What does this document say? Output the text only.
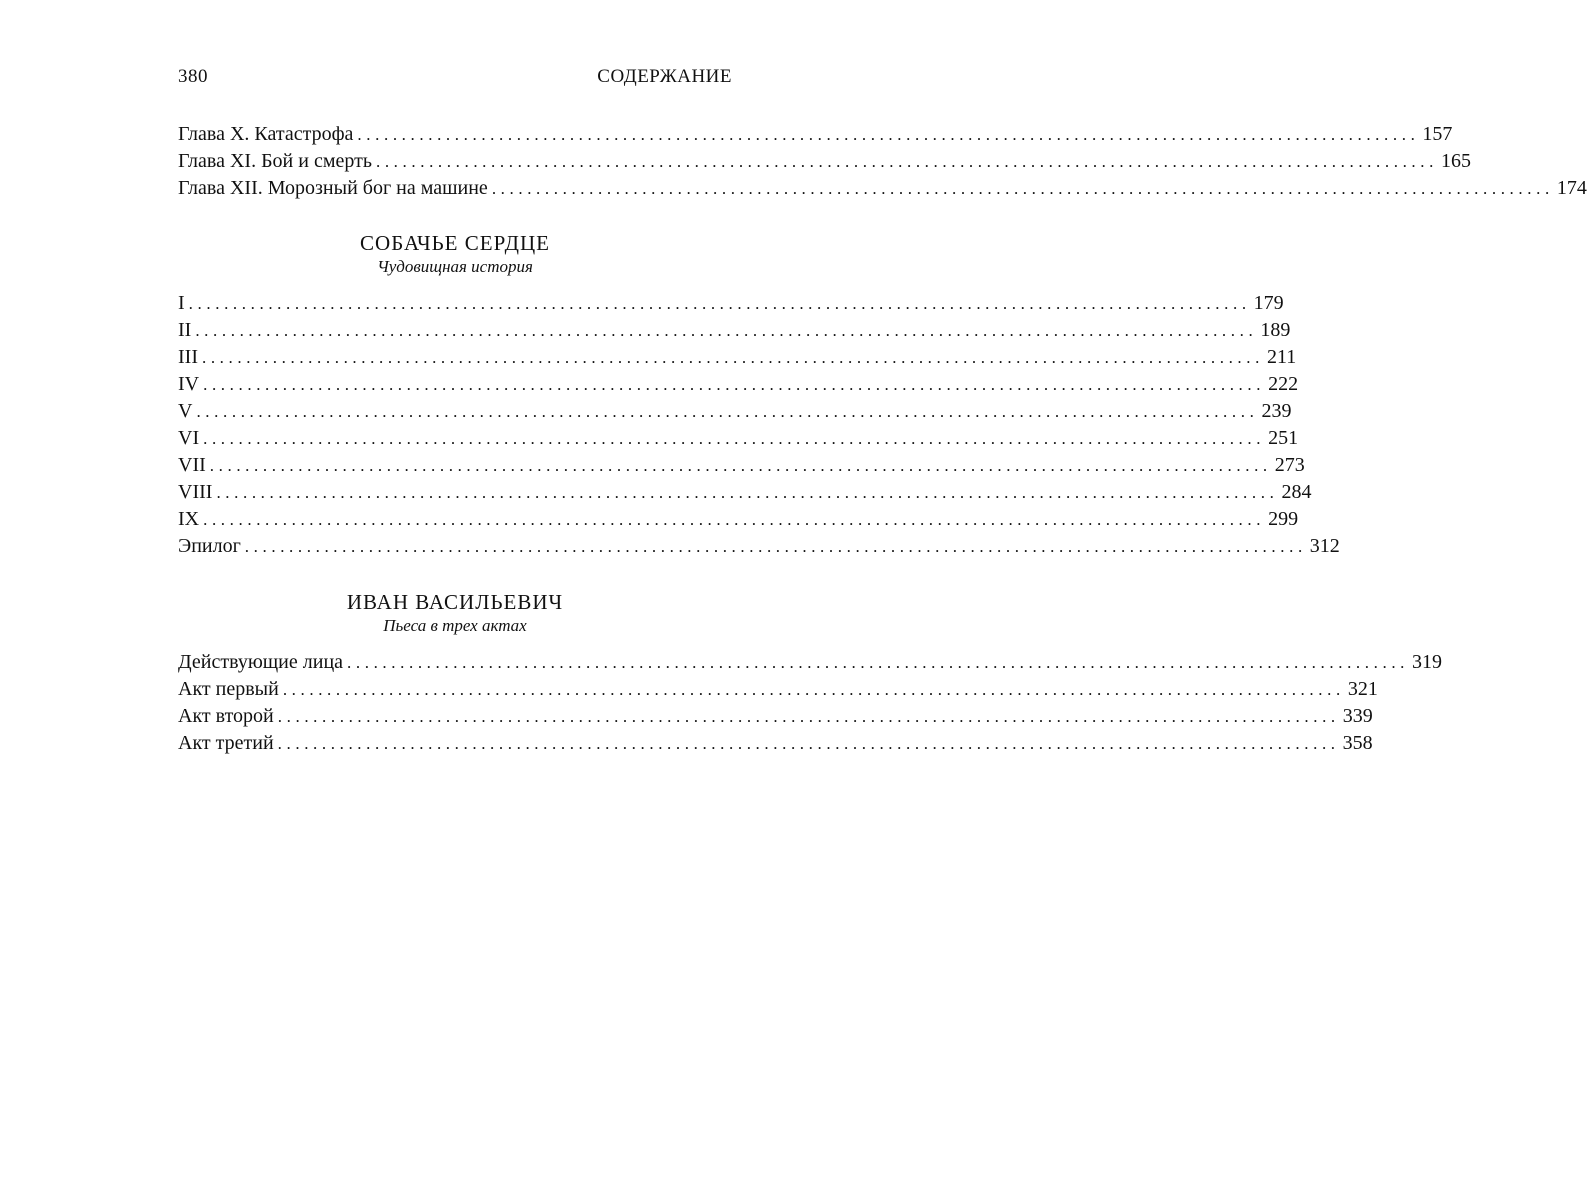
380	СОДЕРЖАНИЕ
Глава X. Катастрофа ........................................................................................................................ 157
Глава XI. Бой и смерть ........................................................................................................................ 165
Глава XII. Морозный бог на машине ........................................................................................................................ 174
СОБАЧЬЕ СЕРДЦЕ
Чудовищная история
I ........................................................................................................................ 179
II ........................................................................................................................ 189
III ........................................................................................................................ 211
IV ........................................................................................................................ 222
V ........................................................................................................................ 239
VI ........................................................................................................................ 251
VII ........................................................................................................................ 273
VIII ........................................................................................................................ 284
IX ........................................................................................................................ 299
Эпилог ........................................................................................................................ 312
ИВАН ВАСИЛЬЕВИЧ
Пьеса в трех актах
Действующие лица ........................................................................................................................ 319
Акт первый ........................................................................................................................ 321
Акт второй ........................................................................................................................ 339
Акт третий ........................................................................................................................ 358
